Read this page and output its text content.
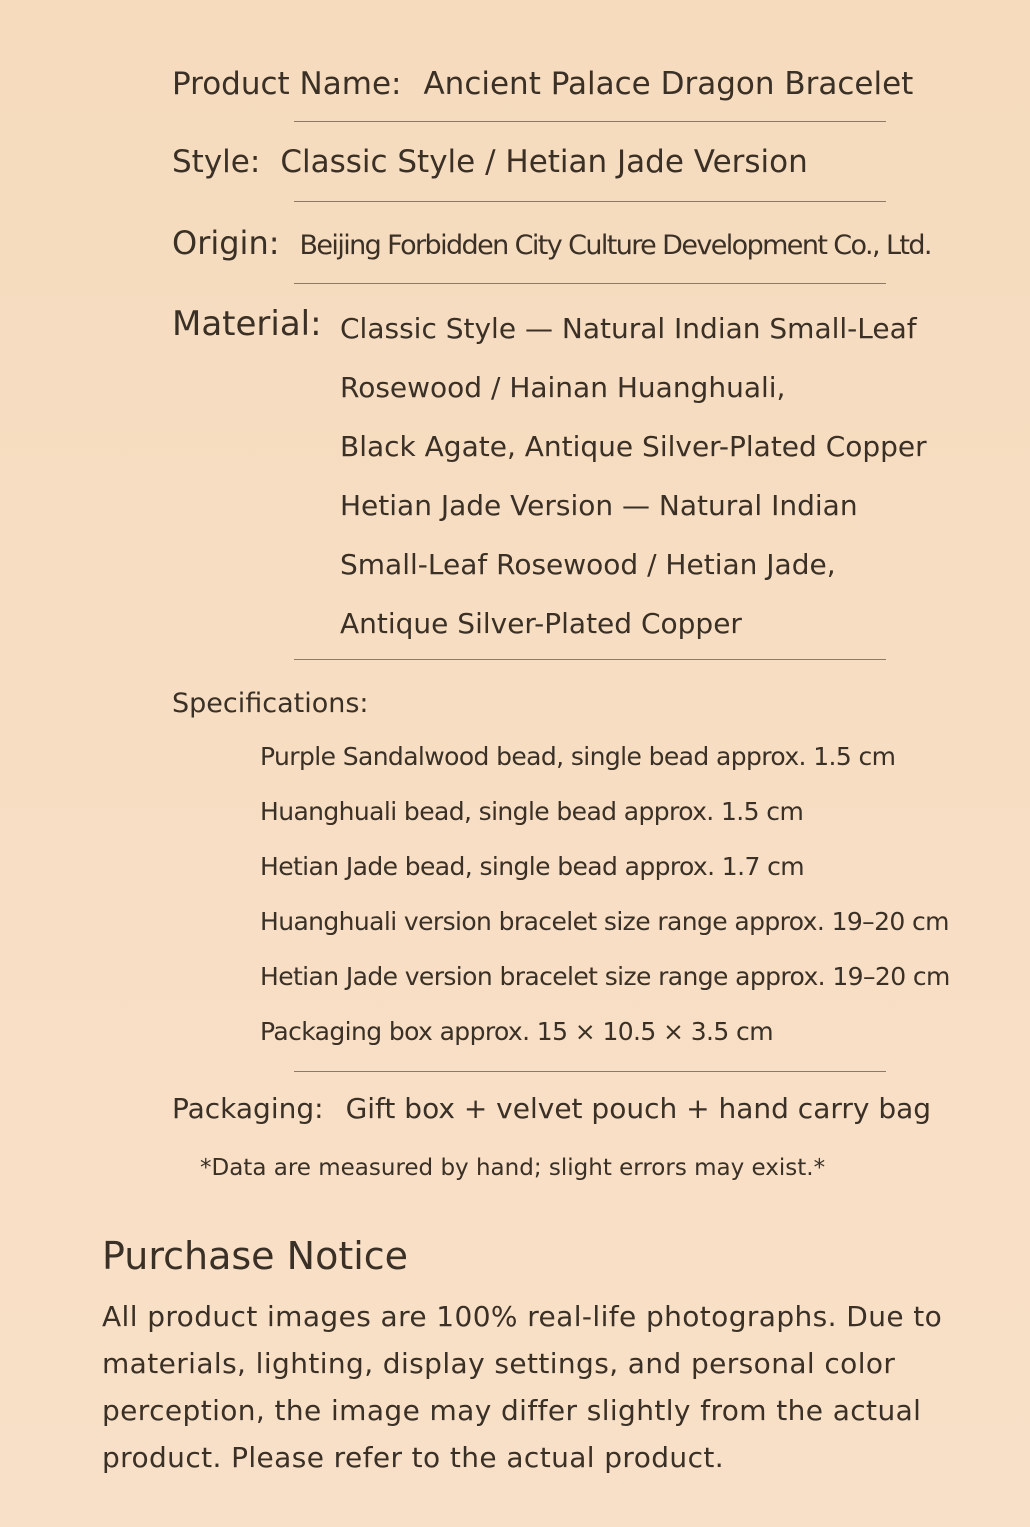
Product Name: Ancient Palace Dragon Bracelet
Style: Classic Style / Hetian Jade Version
Origin: Beijing Forbidden City Culture Development Co., Ltd.
Material: Classic Style — Natural Indian Small-Leaf
Rosewood / Hainan Huanghuali,
Black Agate, Antique Silver-Plated Copper
Hetian Jade Version — Natural Indian
Small-Leaf Rosewood / Hetian Jade,
Antique Silver-Plated Copper
Specifications:
Purple Sandalwood bead, single bead approx. 1.5 cm
Huanghuali bead, single bead approx. 1.5 cm
Hetian Jade bead, single bead approx. 1.7 cm
Huanghuali version bracelet size range approx. 19–20 cm
Hetian Jade version bracelet size range approx. 19–20 cm
Packaging box approx. 15 × 10.5 × 3.5 cm
Packaging: Gift box + velvet pouch + hand carry bag
*Data are measured by hand; slight errors may exist.*
Purchase Notice
All product images are 100% real-life photographs. Due to
materials, lighting, display settings, and personal color
perception, the image may differ slightly from the actual
product. Please refer to the actual product.
